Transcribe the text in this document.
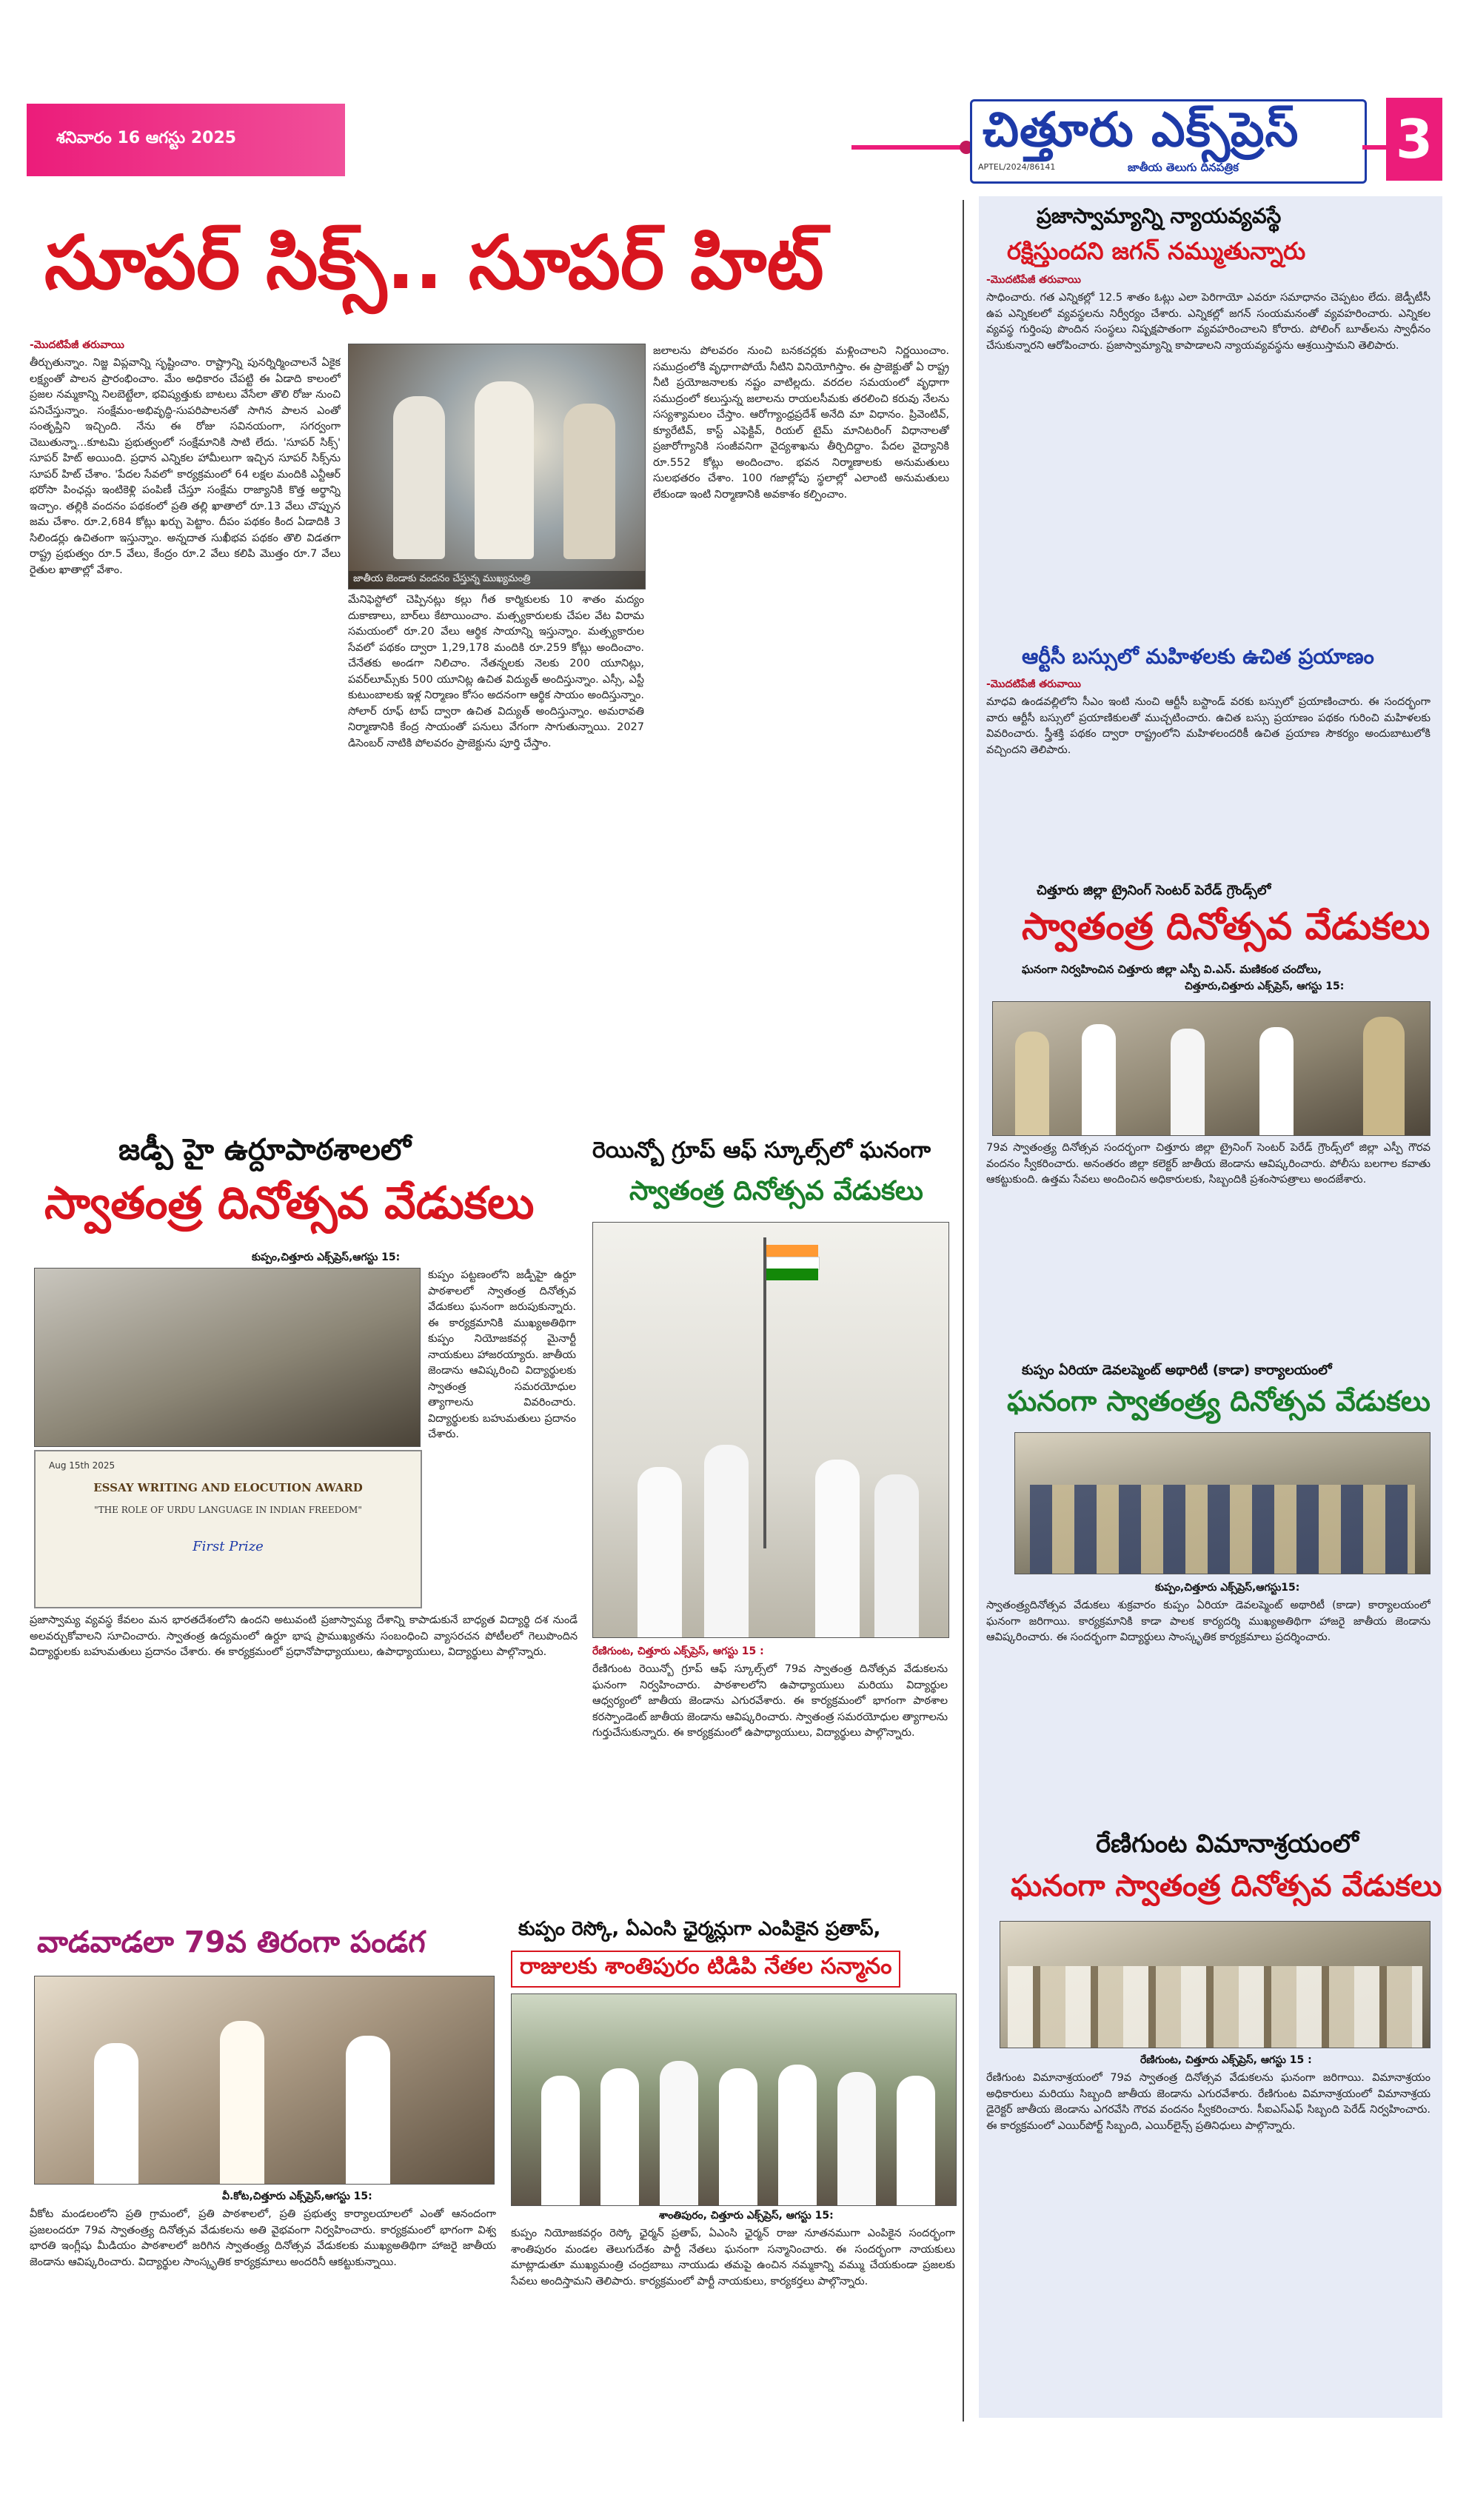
శనివారం 16 ఆగస్టు 2025	చిత్తూరు ఎక్స్‌ప్రెస్
జాతీయ తెలుగు దినపత్రిక
APTEL/2024/86141	3
సూపర్ సిక్స్.. సూపర్ హిట్
-మొదటిపేజీ తరువాయి
తీర్చుతున్నాం. నిజ్జ విప్లవాన్ని సృష్టించాం. రాష్ట్రాన్ని పునర్నిర్మించాలనే ఏకైక లక్ష్యంతో పాలన ప్రారంభించాం. మేం అధికారం చేపట్టి ఈ ఏడాది కాలంలో ప్రజల నమ్మకాన్ని నిలబెట్టేలా, భవిష్యత్తుకు బాటలు వేసేలా తొలి రోజు నుంచి పనిచేస్తున్నాం. సంక్షేమం-అభివృద్ధి-సుపరిపాలనతో సాగిన పాలన ఎంతో సంతృప్తిని ఇచ్చింది. నేను ఈ రోజు సవినయంగా, సగర్వంగా చెబుతున్నా...కూటమి ప్రభుత్వంలో సంక్షేమానికి సాటి లేదు. 'సూపర్ సిక్స్' సూపర్ హిట్ అయింది. ప్రధాన ఎన్నికల హామీలుగా ఇచ్చిన సూపర్ సిక్స్‌ను సూపర్ హిట్ చేశాం. 'పేదల సేవలో' కార్యక్రమంలో 64 లక్షల మందికి ఎన్టీఆర్ భరోసా పింఛన్లు ఇంటికెళ్లి పంపిణీ చేస్తూ సంక్షేమ రాజ్యానికి కొత్త అర్థాన్ని ఇచ్చాం. తల్లికి వందనం పథకంలో ప్రతి తల్లి ఖాతాలో రూ.13 వేలు చొప్పున జమ చేశాం. రూ.2,684 కోట్లు ఖర్చు పెట్టాం. దీపం పథకం కింద ఏడాదికి 3 సిలిండర్లు ఉచితంగా ఇస్తున్నాం. అన్నదాత సుఖీభవ పథకం తొలి విడతగా రాష్ట్ర ప్రభుత్వం రూ.5 వేలు, కేంద్రం రూ.2 వేలు కలిపి మొత్తం రూ.7 వేలు రైతుల ఖాతాల్లో వేశాం.
జాతీయ జెండాకు వందనం చేస్తున్న ముఖ్యమంత్రి
మేనిఫెస్టోలో చెప్పినట్లు కల్లు గీత కార్మికులకు 10 శాతం మద్యం దుకాణాలు, బార్‌లు కేటాయించాం. మత్స్యకారులకు చేపల వేట విరామ సమయంలో రూ.20 వేలు ఆర్థిక సాయాన్ని ఇస్తున్నాం. మత్స్యకారుల సేవలో పథకం ద్వారా 1,29,178 మందికి రూ.259 కోట్లు అందించాం. చేనేతకు అండగా నిలిచాం. నేతన్నలకు నెలకు 200 యూనిట్లు, పవర్‌లూమ్స్‌కు 500 యూనిట్ల ఉచిత విద్యుత్ అందిస్తున్నాం. ఎస్సీ, ఎస్టీ కుటుంబాలకు ఇళ్ల నిర్మాణం కోసం అదనంగా ఆర్థిక సాయం అందిస్తున్నాం. సోలార్ రూఫ్ టాప్ ద్వారా ఉచిత విద్యుత్ అందిస్తున్నాం. అమరావతి నిర్మాణానికి కేంద్ర సాయంతో పనులు వేగంగా సాగుతున్నాయి. 2027 డిసెంబర్ నాటికి పోలవరం ప్రాజెక్టును పూర్తి చేస్తాం.
జలాలను పోలవరం నుంచి బనకచర్లకు మళ్లించాలని నిర్ణయించాం. సముద్రంలోకి వృధాగాపోయే నీటిని వినియోగిస్తాం. ఈ ప్రాజెక్టుతో ఏ రాష్ట్ర నీటి ప్రయోజనాలకు నష్టం వాటిల్లదు. వరదల సమయంలో వృధాగా సముద్రంలో కలుస్తున్న జలాలను రాయలసీమకు తరలించి కరువు నేలను సస్యశ్యామలం చేస్తాం. ఆరోగ్యాంధ్రప్రదేశ్ అనేది మా విధానం. ప్రివెంటివ్, క్యూరేటివ్, కాస్ట్ ఎఫెక్టివ్, రియల్ టైమ్ మానిటరింగ్ విధానాలతో ప్రజారోగ్యానికి సంజీవనిగా వైద్యశాఖను తీర్చిదిద్దాం. పేదల వైద్యానికి రూ.552 కోట్లు అందించాం. భవన నిర్మాణాలకు అనుమతులు సులభతరం చేశాం. 100 గజాల్లోపు స్థలాల్లో ఎలాంటి అనుమతులు లేకుండా ఇంటి నిర్మాణానికి అవకాశం కల్పించాం.
జడ్పీ హై ఉర్దూపాఠశాలలో
స్వాతంత్ర దినోత్సవ వేడుకలు
కుప్పం,చిత్తూరు ఎక్స్‌ప్రెస్,ఆగస్టు 15:
ESSAY WRITING AND ELOCUTION AWARD
"THE ROLE OF URDU LANGUAGE IN INDIAN FREEDOM"
First Prize
Aug 15th 2025
కుప్పం పట్టణంలోని జడ్పీహై ఉర్దూ పాఠశాలలో స్వాతంత్ర దినోత్సవ వేడుకలు ఘనంగా జరుపుకున్నారు. ఈ కార్యక్రమానికి ముఖ్యఅతిథిగా కుప్పం నియోజకవర్గ మైనార్టీ నాయకులు హాజరయ్యారు. జాతీయ జెండాను ఆవిష్కరించి విద్యార్థులకు స్వాతంత్ర సమరయోధుల త్యాగాలను వివరించారు. విద్యార్థులకు బహుమతులు ప్రదానం చేశారు.
ప్రజాస్వామ్య వ్యవస్థ కేవలం మన భారతదేశంలోని ఉందని అటువంటి ప్రజాస్వామ్య దేశాన్ని కాపాడుకునే బాధ్యత విద్యార్థి దశ నుండే అలవర్చుకోవాలని సూచించారు. స్వాతంత్ర ఉద్యమంలో ఉర్దూ భాష ప్రాముఖ్యతను సంబంధించి వ్యాసరచన పోటీలలో గెలుపొందిన విద్యార్థులకు బహుమతులు ప్రదానం చేశారు. ఈ కార్యక్రమంలో ప్రధానోపాధ్యాయులు, ఉపాధ్యాయులు, విద్యార్థులు పాల్గొన్నారు.
రెయిన్బో గ్రూప్ ఆఫ్ స్కూల్స్‌లో ఘనంగా
స్వాతంత్ర దినోత్సవ వేడుకలు
రేణిగుంట, చిత్తూరు ఎక్స్‌ప్రెస్, ఆగస్టు 15 :
రేణిగుంట రెయిన్బో గ్రూప్ ఆఫ్ స్కూల్స్‌లో 79వ స్వాతంత్ర దినోత్సవ వేడుకలను ఘనంగా నిర్వహించారు. పాఠశాలలోని ఉపాధ్యాయులు మరియు విద్యార్థుల ఆధ్వర్యంలో జాతీయ జెండాను ఎగురవేశారు. ఈ కార్యక్రమంలో భాగంగా పాఠశాల కరస్పాండెంట్ జాతీయ జెండాను ఆవిష్కరించారు. స్వాతంత్ర సమరయోధుల త్యాగాలను గుర్తుచేసుకున్నారు. ఈ కార్యక్రమంలో ఉపాధ్యాయులు, విద్యార్థులు పాల్గొన్నారు.
వాడవాడలా 79వ తిరంగా పండగ
వీ.కోట,చిత్తూరు ఎక్స్‌ప్రెస్,ఆగస్టు 15:
వీకోట మండలంలోని ప్రతి గ్రామంలో, ప్రతి పాఠశాలలో, ప్రతి ప్రభుత్వ కార్యాలయాలలో ఎంతో ఆనందంగా ప్రజలందరూ 79వ స్వాతంత్ర్య దినోత్సవ వేడుకలను అతి వైభవంగా నిర్వహించారు. కార్యక్రమంలో భాగంగా విశ్వ భారతి ఇంగ్లీషు మీడియం పాఠశాలలో జరిగిన స్వాతంత్ర్య దినోత్సవ వేడుకలకు ముఖ్యఅతిథిగా హాజరై జాతీయ జెండాను ఆవిష్కరించారు. విద్యార్థుల సాంస్కృతిక కార్యక్రమాలు అందరినీ ఆకట్టుకున్నాయి.
కుప్పం రెస్కో, ఏఎంసి ఛైర్మన్లుగా ఎంపికైన ప్రతాప్,
రాజులకు శాంతిపురం టిడిపి నేతల సన్మానం
శాంతిపురం, చిత్తూరు ఎక్స్‌ప్రెస్, ఆగస్టు 15:
కుప్పం నియోజకవర్గం రెస్కో ఛైర్మన్ ప్రతాప్, ఏఎంసి ఛైర్మన్ రాజు నూతనముగా ఎంపికైన సందర్భంగా శాంతిపురం మండల తెలుగుదేశం పార్టీ నేతలు ఘనంగా సన్మానించారు. ఈ సందర్భంగా నాయకులు మాట్లాడుతూ ముఖ్యమంత్రి చంద్రబాబు నాయుడు తమపై ఉంచిన నమ్మకాన్ని వమ్ము చేయకుండా ప్రజలకు సేవలు అందిస్తామని తెలిపారు. కార్యక్రమంలో పార్టీ నాయకులు, కార్యకర్తలు పాల్గొన్నారు.
ప్రజాస్వామ్యాన్ని న్యాయవ్యవస్థే
రక్షిస్తుందని జగన్ నమ్ముతున్నారు
-మొదటిపేజీ తరువాయి
సాధించారు. గత ఎన్నికల్లో 12.5 శాతం ఓట్లు ఎలా పెరిగాయో ఎవరూ సమాధానం చెప్పటం లేదు. జెడ్పీటీసీ ఉప ఎన్నికలలో వ్యవస్థలను నిర్వీర్యం చేశారు. ఎన్నికల్లో జగన్ సంయమనంతో వ్యవహరించారు. ఎన్నికల వ్యవస్థ గుర్తింపు పొందిన సంస్థలు నిష్పక్షపాతంగా వ్యవహరించాలని కోరారు. పోలింగ్ బూత్‌లను స్వాధీనం చేసుకున్నారని ఆరోపించారు. ప్రజాస్వామ్యాన్ని కాపాడాలని న్యాయవ్యవస్థను ఆశ్రయిస్తామని తెలిపారు.
ఆర్టీసీ బస్సులో మహిళలకు ఉచిత ప్రయాణం
-మొదటిపేజీ తరువాయి
మాధవి ఉండవల్లిలోని సీఎం ఇంటి నుంచి ఆర్టీసీ బస్టాండ్ వరకు బస్సులో ప్రయాణించారు. ఈ సందర్భంగా వారు ఆర్టీసీ బస్సులో ప్రయాణికులతో ముచ్చటించారు. ఉచిత బస్సు ప్రయాణం పథకం గురించి మహిళలకు వివరించారు. స్త్రీశక్తి పథకం ద్వారా రాష్ట్రంలోని మహిళలందరికీ ఉచిత ప్రయాణ సౌకర్యం అందుబాటులోకి వచ్చిందని తెలిపారు.
చిత్తూరు జిల్లా ట్రైనింగ్ సెంటర్ పెరేడ్ గ్రౌండ్స్‌లో
స్వాతంత్ర దినోత్సవ వేడుకలు
ఘనంగా నిర్వహించిన చిత్తూరు జిల్లా ఎస్పీ వి.ఎన్. మణికంఠ చందోలు,
చిత్తూరు,చిత్తూరు ఎక్స్‌ప్రెస్, ఆగస్టు 15:
79వ స్వాతంత్ర్య దినోత్సవ సందర్భంగా చిత్తూరు జిల్లా ట్రైనింగ్ సెంటర్ పెరేడ్ గ్రౌండ్స్‌లో జిల్లా ఎస్పీ గౌరవ వందనం స్వీకరించారు. అనంతరం జిల్లా కలెక్టర్ జాతీయ జెండాను ఆవిష్కరించారు. పోలీసు బలగాల కవాతు ఆకట్టుకుంది. ఉత్తమ సేవలు అందించిన అధికారులకు, సిబ్బందికి ప్రశంసాపత్రాలు అందజేశారు.
కుప్పం ఏరియా డెవలప్మెంట్ అథారిటీ (కాడా) కార్యాలయంలో
ఘనంగా స్వాతంత్ర్య దినోత్సవ వేడుకలు
కుప్పం,చిత్తూరు ఎక్స్‌ప్రెస్,ఆగస్టు15:
స్వాతంత్ర్యదినోత్సవ వేడుకలు శుక్రవారం కుప్పం ఏరియా డెవలప్మెంట్ అథారిటీ (కాడా) కార్యాలయంలో ఘనంగా జరిగాయి. కార్యక్రమానికి కాడా పాలక కార్యదర్శి ముఖ్యఅతిథిగా హాజరై జాతీయ జెండాను ఆవిష్కరించారు. ఈ సందర్భంగా విద్యార్థులు సాంస్కృతిక కార్యక్రమాలు ప్రదర్శించారు.
రేణిగుంట విమానాశ్రయంలో
ఘనంగా స్వాతంత్ర దినోత్సవ వేడుకలు
రేణిగుంట, చిత్తూరు ఎక్స్‌ప్రెస్, ఆగస్టు 15 :
రేణిగుంట విమానాశ్రయంలో 79వ స్వాతంత్ర దినోత్సవ వేడుకలను ఘనంగా జరిగాయి. విమానాశ్రయం అధికారులు మరియు సిబ్బంది జాతీయ జెండాను ఎగురవేశారు. రేణిగుంట విమానాశ్రయంలో విమానాశ్రయ డైరెక్టర్ జాతీయ జెండాను ఎగరవేసి గౌరవ వందనం స్వీకరించారు. సీఐఎస్ఎఫ్ సిబ్బంది పెరేడ్ నిర్వహించారు. ఈ కార్యక్రమంలో ఎయిర్‌పోర్ట్ సిబ్బంది, ఎయిర్‌లైన్స్ ప్రతినిధులు పాల్గొన్నారు.
